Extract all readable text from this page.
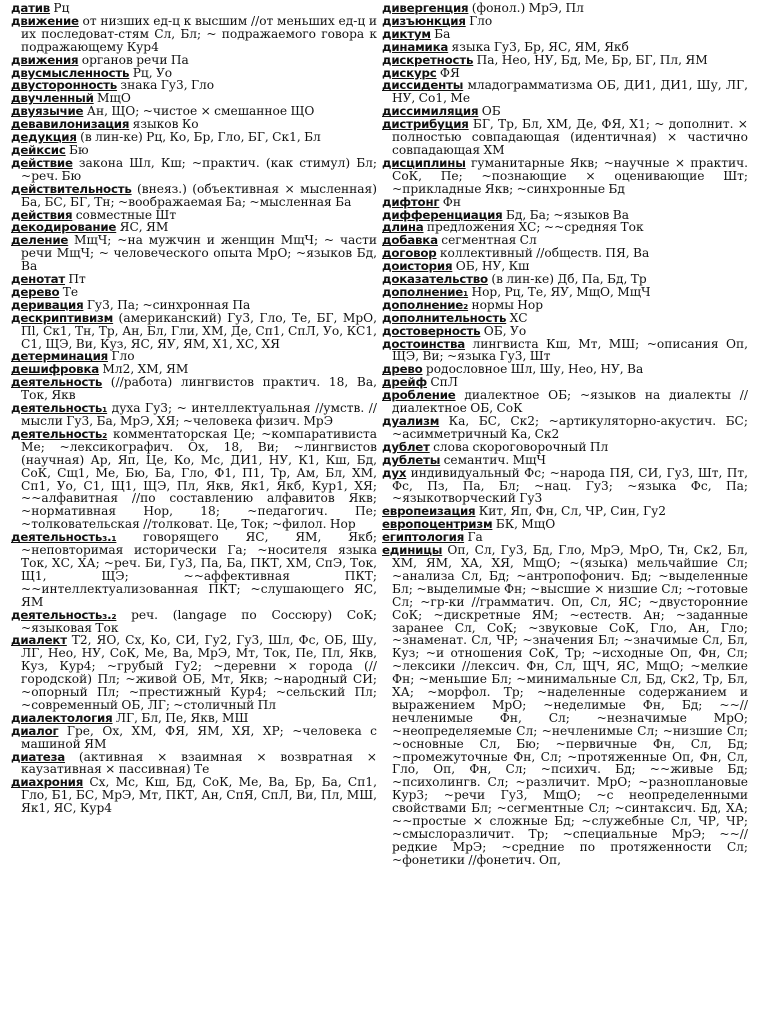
датив Рц
движение от низших ед-ц к высшим //от меньших ед-ц и их последоват-стям Сл, Бл; ~ подражаемого говора к подражающему Кур4
движения органов речи Па
двусмысленность Рц, Уо
двусторонность знака Гу3, Гло
двучленный МщО
двуязычие Ан, ЩО; ~чистое × смешанное ЩО
девавилонизация языков Ко
дедукция (в лин-ке) Рц, Ко, Бр, Гло, БГ, Ск1, Бл
дейксис Бю
действие закона Шл, Кш; ~практич. (как стимул) Бл; ~реч. Бю
действительность (внеяз.) (объективная × мысленная) Ба, БС, БГ, Тн; ~воображаемая Ба; ~мысленная Ба
действия совместные Шт
декодирование ЯС, ЯМ
деление МщЧ; ~на мужчин и женщин МщЧ; ~ части речи МщЧ; ~ человеческого опыта МрО; ~языков Бд, Ва
денотат Пт
дерево Те
деривация Гу3, Па; ~синхронная Па
дескриптивизм (американский) Гу3, Гло, Те, БГ, МрО, Пl, Ск1, Тн, Тр, Ан, Бл, Гли, ХМ, Де, Сп1, СпЛ, Уо, КС1, С1, ЩЭ, Ви, Куз, ЯС, ЯУ, ЯМ, Х1, ХС, ХЯ
детерминация Гло
дешифровка Мл2, ХМ, ЯМ
деятельность (//работа) лингвистов практич. 18, Ва, Ток, Якв
деятельность₁ духа Гу3; ~ интеллектуальная //умств. //мысли Гу3, Ба, МрЭ, ХЯ; ~человека физич. МрЭ
деятельность₂ комментаторская Це; ~компаративиста Ме; ~лексикографич. Ох, 18, Ви; ~лингвистов (научная) Ар, Яп, Це, Ко, Мс, ДИ1, НУ, К1, Кш, Бд, СоК, Сщ1, Ме, Бю, Ба, Гло, Ф1, П1, Тр, Ам, Бл, ХМ, Сп1, Уо, С1, Щ1, ЩЭ, Пл, Якв, Як1, Якб, Кур1, ХЯ; ~~алфавитная //по составлению алфавитов Якв; ~нормативная Нор, 18; ~педагогич. Пе; ~толковательская //толковат. Це, Ток; ~филол. Нор
деятельность₃.₁ говорящего ЯС, ЯМ, Якб; ~неповторимая исторически Га; ~носителя языка Ток, ХС, ХА; ~реч. Би, Гу3, Па, Ба, ПКТ, ХМ, СпЭ, Ток, Щ1, ЩЭ; ~~аффективная ПКТ; ~~интеллектуализованная ПКТ; ~слушающего ЯС, ЯМ
деятельность₃.₂ реч. (langage по Соссюру) СоК; ~языковая Ток
диалект Т2, ЯО, Сх, Ко, СИ, Гу2, Гу3, Шл, Фс, ОБ, Шу, ЛГ, Нео, НУ, СоК, Ме, Ва, МрЭ, Мт, Ток, Пе, Пл, Якв, Куз, Кур4; ~грубый Гу2; ~деревни × города (//городской) Пл; ~живой ОБ, Мт, Якв; ~народный СИ; ~опорный Пл; ~престижный Кур4; ~сельский Пл; ~современный ОБ, ЛГ; ~столичный Пл
диалектология ЛГ, Бл, Пе, Якв, МШ
диалог Гре, Ох, ХМ, ФЯ, ЯМ, ХЯ, ХР; ~человека с машиной ЯМ
диатеза (активная × взаимная × возвратная × каузативная × пассивная) Те
диахрония Сх, Мс, Кш, Бд, СоК, Ме, Ва, Бр, Ба, Сп1, Гло, Б1, БС, МрЭ, Мт, ПКТ, Ан, СпЯ, СпЛ, Ви, Пл, МШ, Як1, ЯС, Кур4
дивергенция (фонол.) МрЭ, Пл
дизъюнкция Гло
диктум Ба
динамика языка Гу3, Бр, ЯС, ЯМ, Якб
дискретность Па, Нео, НУ, Бд, Ме, Бр, БГ, Пл, ЯМ
дискурс ФЯ
диссиденты младограмматизма ОБ, ДИ1, ДИ1, Шу, ЛГ, НУ, Со1, Ме
диссимиляция ОБ
дистрибуция БГ, Тр, Бл, ХМ, Де, ФЯ, Х1; ~ дополнит. × полностью совпадающая (идентичная) × частично совпадающая ХМ
дисциплины гуманитарные Якв; ~научные × практич. СоК, Пе; ~познающие × оценивающие Шт; ~прикладные Якв; ~синхронные Бд
дифтонг Фн
дифференциация Бд, Ба; ~языков Ва
длина предложения ХС; ~~средняя Ток
добавка сегментная Сл
договор коллективный //обществ. ПЯ, Ва
доистория ОБ, НУ, Кш
доказательство (в лин-ке) Дб, Па, Бд, Тр
дополнение₁ Нор, Рц, Те, ЯУ, МщО, МщЧ
дополнение₂ нормы Нор
дополнительность ХС
достоверность ОБ, Уо
достоинства лингвиста Кш, Мт, МШ; ~описания Оп, ЩЭ, Ви; ~языка Гу3, Шт
древо родословное Шл, Шу, Нео, НУ, Ва
дрейф СпЛ
дробление диалектное ОБ; ~языков на диалекты //диалектное ОБ, СоК
дуализм Ка, БС, Ск2; ~артикуляторно-акустич. БС; ~асимметричный Ка, Ск2
дублет слова скороговорочный Пл
дублеты семантич. МщЧ
дух индивидуальный Фс; ~народа ПЯ, СИ, Гу3, Шт, Пт, Фс, Пз, Па, Бл; ~нац. Гу3; ~языка Фс, Па; ~языкотворческий Гу3
европеизация Кит, Яп, Фн, Сл, ЧР, Син, Гу2
европоцентризм БК, МщО
египтология Га
единицы Оп, Сл, Гу3, Бд, Гло, МрЭ, МрО, Тн, Ск2, Бл, ХМ, ЯМ, ХА, ХЯ, МщО; ~(языка) мельчайшие Сл; ~анализа Сл, Бд; ~антропофонич. Бд; ~выделенные Бл; ~выделимые Фн; ~высшие × низшие Сл; ~готовые Сл; ~гр-ки //грамматич. Оп, Сл, ЯС; ~двусторонние СоК; ~дискретные ЯМ; ~естеств. Ан; ~заданные заранее Сл, СоК; ~звуковые СоК, Гло, Ан, Гло; ~знаменат. Сл, ЧР; ~значения Бл; ~значимые Сл, Бл, Куз; ~и отношения СоК, Тр; ~исходные Оп, Фн, Сл; ~лексики //лексич. Фн, Сл, ЩЧ, ЯС, МщО; ~мелкие Фн; ~меньшие Бл; ~минимальные Сл, Бд, Ск2, Тр, Бл, ХА; ~морфол. Тр; ~наделенные содержанием и выражением МрО; ~неделимые Фн, Бд; ~~//нечленимые Фн, Сл; ~незначимые МрО; ~неопределяемые Сл; ~нечленимые Сл; ~низшие Сл; ~основные Сл, Бю; ~первичные Фн, Сл, Бд; ~промежуточные Фн, Сл; ~протяженные Оп, Фн, Сл, Гло, Оп, Фн, Сл; ~психич. Бд; ~~живые Бд; ~психолингв. Сл; ~различит. МрО; ~разноплановые Кур3; ~речи Гу3, МщО; ~с неопределенными свойствами Бл; ~сегментные Сл; ~синтаксич. Бд, ХА; ~~простые × сложные Бд; ~служебные Сл, ЧР, ЧР; ~смыслоразличит. Тр; ~специальные МрЭ; ~~//редкие МрЭ; ~средние по протяженности Сл; ~фонетики //фонетич. Оп,
